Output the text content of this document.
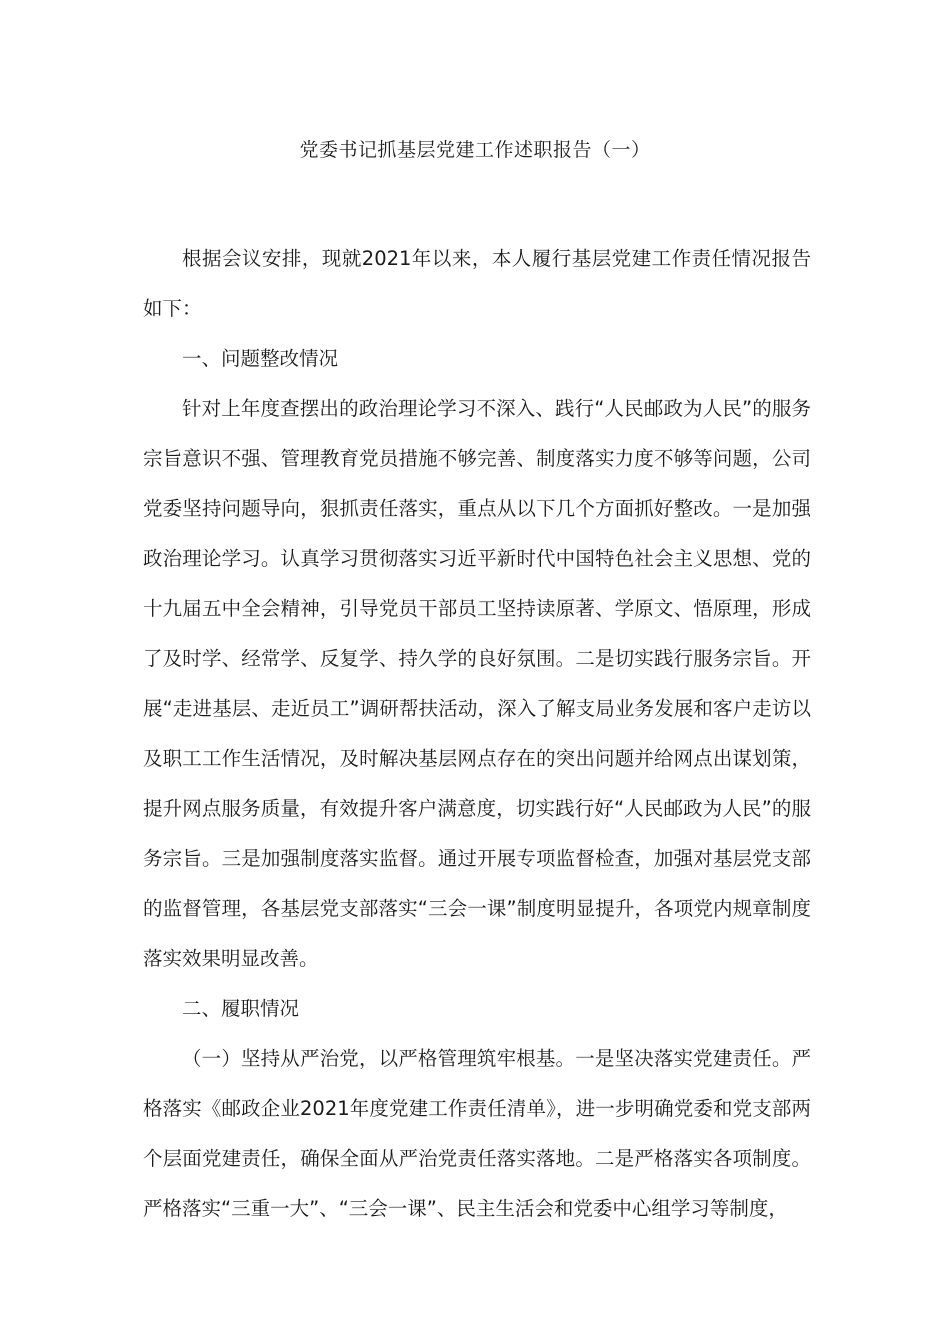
党委书记抓基层党建工作述职报告（一）

根据会议安排，现就2021年以来，本人履行基层党建工作责任情况报告如下：

一、问题整改情况

针对上年度查摆出的政治理论学习不深入、践行“人民邮政为人民”的服务宗旨意识不强、管理教育党员措施不够完善、制度落实力度不够等问题，公司党委坚持问题导向，狠抓责任落实，重点从以下几个方面抓好整改。一是加强政治理论学习。认真学习贯彻落实习近平新时代中国特色社会主义思想、党的十九届五中全会精神，引导党员干部员工坚持读原著、学原文、悟原理，形成了及时学、经常学、反复学、持久学的良好氛围。二是切实践行服务宗旨。开展“走进基层、走近员工”调研帮扶活动，深入了解支局业务发展和客户走访以及职工工作生活情况，及时解决基层网点存在的突出问题并给网点出谋划策，提升网点服务质量，有效提升客户满意度，切实践行好“人民邮政为人民”的服务宗旨。三是加强制度落实监督。通过开展专项监督检查，加强对基层党支部的监督管理，各基层党支部落实“三会一课”制度明显提升，各项党内规章制度落实效果明显改善。

二、履职情况

（一）坚持从严治党，以严格管理筑牢根基。一是坚决落实党建责任。严格落实《邮政企业2021年度党建工作责任清单》，进一步明确党委和党支部两个层面党建责任，确保全面从严治党责任落实落地。二是严格落实各项制度。严格落实“三重一大”、“三会一课”、民主生活会和党委中心组学习等制度，
